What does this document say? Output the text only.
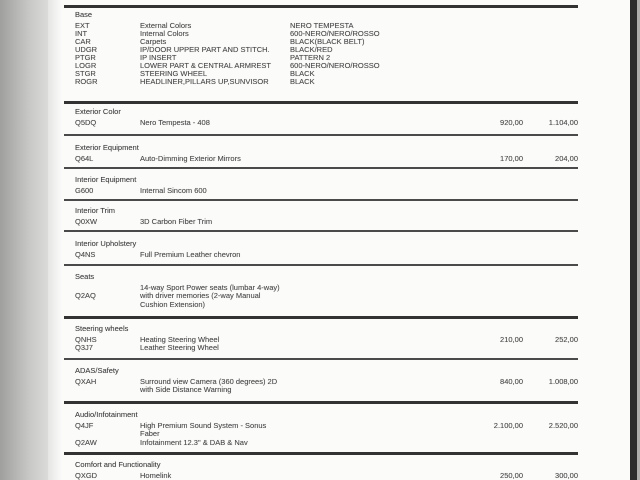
Base
EXT	External Colors	NERO TEMPESTA
INT	Internal Colors	600-NERO/NERO/ROSSO
CAR	Carpets	BLACK(BLACK BELT)
UDGR	IP/DOOR UPPER PART AND STITCH.	BLACK/RED
PTGR	IP INSERT	PATTERN 2
LOGR	LOWER PART & CENTRAL ARMREST	600-NERO/NERO/ROSSO
STGR	STEERING WHEEL	BLACK
ROGR	HEADLINER,PILLARS UP,SUNVISOR	BLACK
Exterior Color
Q5DQ	Nero Tempesta - 408	920,00	1.104,00
Exterior Equipment
Q64L	Auto-Dimming Exterior Mirrors	170,00	204,00
Interior Equipment
G600	Internal Sincom 600
Interior Trim
Q0XW	3D Carbon Fiber Trim
Interior Upholstery
Q4NS	Full Premium Leather chevron
Seats
Q2AQ
14-way Sport Power seats (lumbar 4-way)
with driver memories (2-way Manual
Cushion Extension)
Steering wheels
QNHS	Heating Steering Wheel	210,00	252,00
Q3J7	Leather Steering Wheel
ADAS/Safety
QXAH	Surround view Camera (360 degrees) 2D
with Side Distance Warning
840,00	1.008,00
Audio/Infotainment
Q4JF	High Premium Sound System - Sonus
Faber
2.100,00	2.520,00
Q2AW	Infotainment 12.3" & DAB & Nav
Comfort and Functionality
QXGD	Homelink	250,00	300,00
